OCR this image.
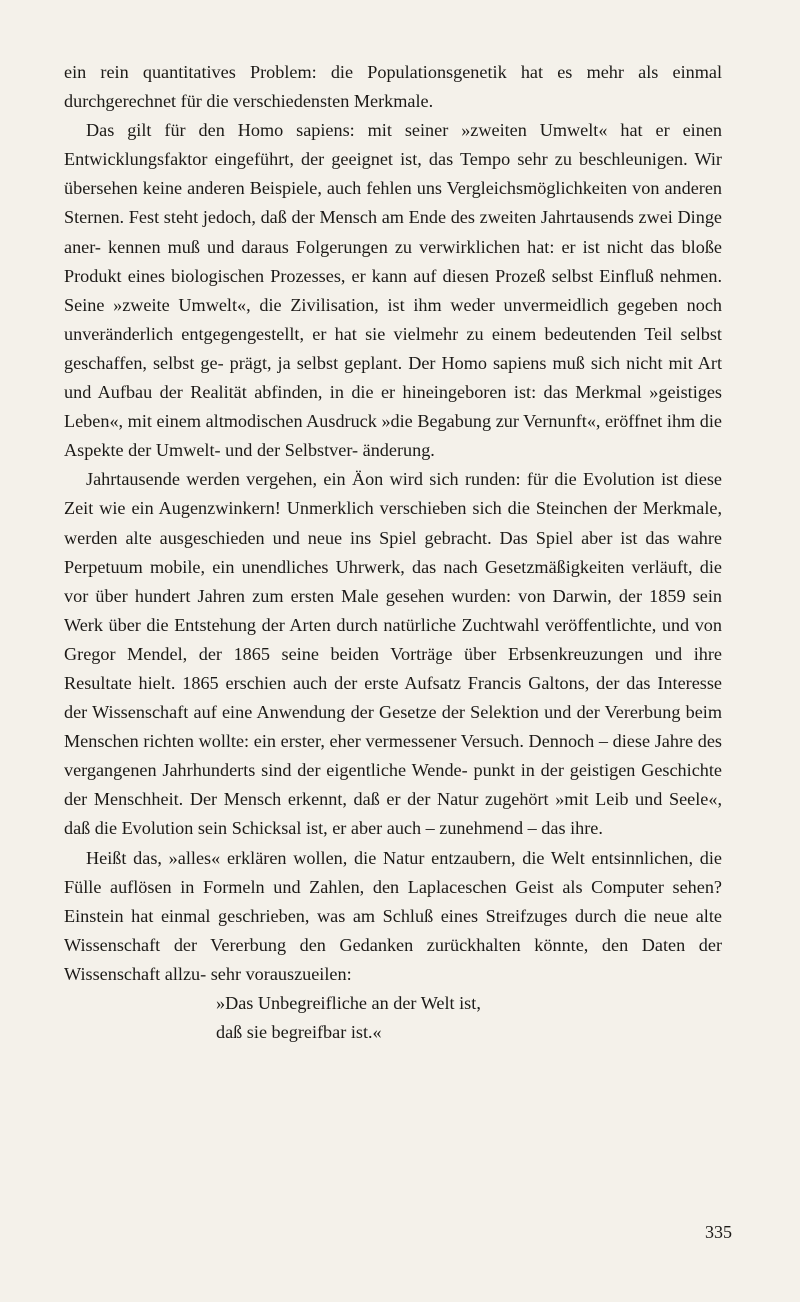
ein rein quantitatives Problem: die Populationsgenetik hat es mehr als einmal durchgerechnet für die verschiedensten Merkmale.

Das gilt für den Homo sapiens: mit seiner »zweiten Umwelt« hat er einen Entwicklungsfaktor eingeführt, der geeignet ist, das Tempo sehr zu beschleunigen. Wir übersehen keine anderen Beispiele, auch fehlen uns Vergleichsmöglichkeiten von anderen Sternen. Fest steht jedoch, daß der Mensch am Ende des zweiten Jahrtausends zwei Dinge aner- kennen muß und daraus Folgerungen zu verwirklichen hat: er ist nicht das bloße Produkt eines biologischen Prozesses, er kann auf diesen Prozeß selbst Einfluß nehmen. Seine »zweite Umwelt«, die Zivilisation, ist ihm weder unvermeidlich gegeben noch unveränderlich entgegengestellt, er hat sie vielmehr zu einem bedeutenden Teil selbst geschaffen, selbst ge- prägt, ja selbst geplant. Der Homo sapiens muß sich nicht mit Art und Aufbau der Realität abfinden, in die er hineingeboren ist: das Merkmal »geistiges Leben«, mit einem altmodischen Ausdruck »die Begabung zur Vernunft«, eröffnet ihm die Aspekte der Umwelt- und der Selbstver- änderung.

Jahrtausende werden vergehen, ein Äon wird sich runden: für die Evolution ist diese Zeit wie ein Augenzwinkern! Unmerklich verschieben sich die Steinchen der Merkmale, werden alte ausgeschieden und neue ins Spiel gebracht. Das Spiel aber ist das wahre Perpetuum mobile, ein unendliches Uhrwerk, das nach Gesetzmäßigkeiten verläuft, die vor über hundert Jahren zum ersten Male gesehen wurden: von Darwin, der 1859 sein Werk über die Entstehung der Arten durch natürliche Zuchtwahl veröffentlichte, und von Gregor Mendel, der 1865 seine beiden Vorträge über Erbsenkreuzungen und ihre Resultate hielt. 1865 erschien auch der erste Aufsatz Francis Galtons, der das Interesse der Wissenschaft auf eine Anwendung der Gesetze der Selektion und der Vererbung beim Menschen richten wollte: ein erster, eher vermessener Versuch. Dennoch – diese Jahre des vergangenen Jahrhunderts sind der eigentliche Wende- punkt in der geistigen Geschichte der Menschheit. Der Mensch erkennt, daß er der Natur zugehört »mit Leib und Seele«, daß die Evolution sein Schicksal ist, er aber auch – zunehmend – das ihre.

Heißt das, »alles« erklären wollen, die Natur entzaubern, die Welt entsinnlichen, die Fülle auflösen in Formeln und Zahlen, den Laplaceschen Geist als Computer sehen? Einstein hat einmal geschrieben, was am Schluß eines Streifzuges durch die neue alte Wissenschaft der Vererbung den Gedanken zurückhalten könnte, den Daten der Wissenschaft allzu- sehr vorauszueilen:

»Das Unbegreifliche an der Welt ist,
daß sie begreifbar ist.«

335
